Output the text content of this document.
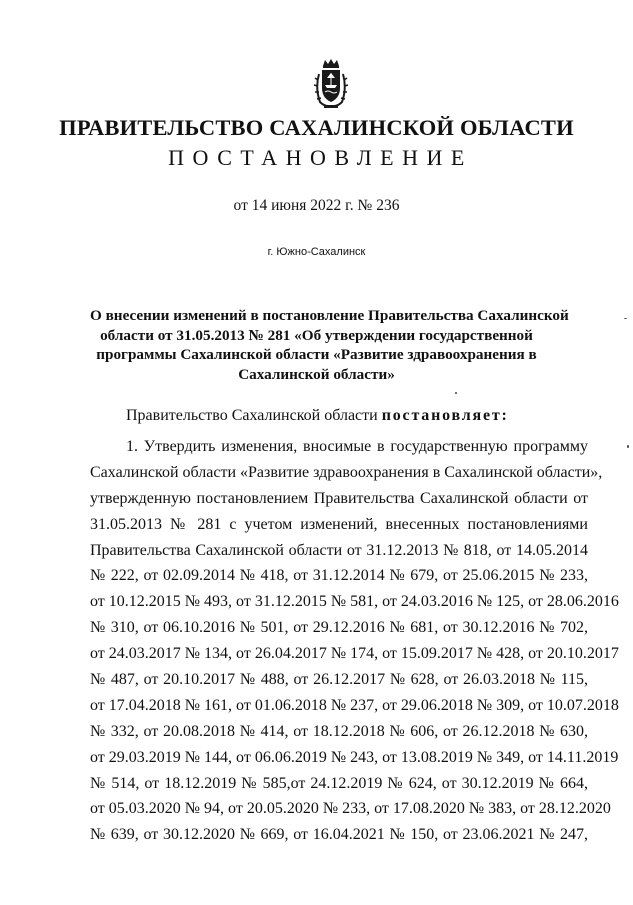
ПРАВИТЕЛЬСТВО САХАЛИНСКОЙ ОБЛАСТИ
ПОСТАНОВЛЕНИЕ
от 14 июня 2022 г. № 236
г. Южно-Сахалинск
О внесении изменений в постановление Правительства Сахалинской
области от 31.05.2013 № 281 «Об утверждении государственной
программы Сахалинской области «Развитие здравоохранения в
Сахалинской области»
Правительство Сахалинской области постановляет:
1. Утвердить изменения, вносимые в государственную программу
Сахалинской области «Развитие здравоохранения в Сахалинской области»,
утвержденную постановлением Правительства Сахалинской области от
31.05.2013 № 281 с учетом изменений, внесенных постановлениями
Правительства Сахалинской области от 31.12.2013 № 818, от 14.05.2014
№ 222, от 02.09.2014 № 418, от 31.12.2014 № 679, от 25.06.2015 № 233,
от 10.12.2015 № 493, от 31.12.2015 № 581, от 24.03.2016 № 125, от 28.06.2016
№ 310, от 06.10.2016 № 501, от 29.12.2016 № 681, от 30.12.2016 № 702,
от 24.03.2017 № 134, от 26.04.2017 № 174, от 15.09.2017 № 428, от 20.10.2017
№ 487, от 20.10.2017 № 488, от 26.12.2017 № 628, от 26.03.2018 № 115,
от 17.04.2018 № 161, от 01.06.2018 № 237, от 29.06.2018 № 309, от 10.07.2018
№ 332, от 20.08.2018 № 414, от 18.12.2018 № 606, от 26.12.2018 № 630,
от 29.03.2019 № 144, от 06.06.2019 № 243, от 13.08.2019 № 349, от 14.11.2019
№ 514, от 18.12.2019 № 585,от 24.12.2019 № 624, от 30.12.2019 № 664,
от 05.03.2020 № 94, от 20.05.2020 № 233, от 17.08.2020 № 383, от 28.12.2020
№ 639, от 30.12.2020 № 669, от 16.04.2021 № 150, от 23.06.2021 № 247,
